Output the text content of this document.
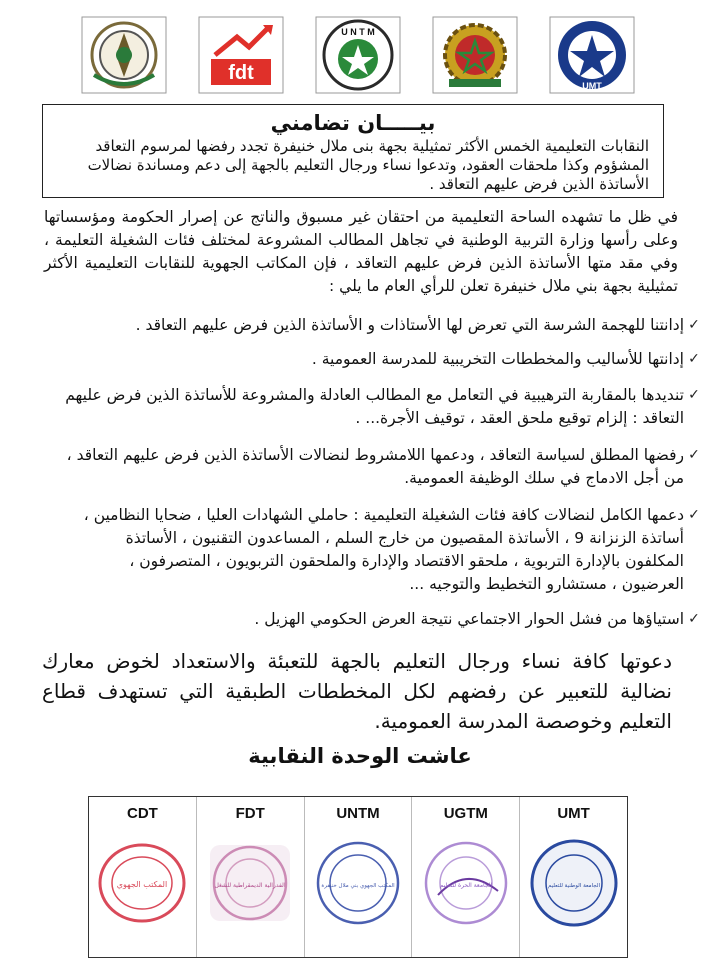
fdt
U N T M
UMT
بيـــــان تضامني
النقابات التعليمية الخمس الأكثر تمثيلية بجهة بنى ملال خنيفرة تجدد رفضها لمرسوم التعاقد المشؤوم وكذا ملحقات العقود، وتدعوا نساء ورجال التعليم بالجهة إلى دعم ومساندة نضالات الأساتذة الذين فرض عليهم التعاقد .
في ظل ما تشهده الساحة التعليمية من احتقان غير مسبوق والناتج عن إصرار الحكومة ومؤسساتها وعلى رأسها وزارة التربية الوطنية في تجاهل المطالب المشروعة لمختلف فئات الشغيلة التعليمة ، وفي مقد متها الأساتذة الذين فرض عليهم التعاقد ، فإن المكاتب الجهوية للنقابات التعليمية الأكثر تمثيلية بجهة بني ملال خنيفرة تعلن للرأي العام ما يلي :
✓
إدانتنا للهجمة الشرسة التي تعرض لها الأستاذات و الأساتذة الذين فرض عليهم التعاقد .
✓
إدانتها للأساليب والمخططات التخريبية للمدرسة العمومية .
✓
تنديدها بالمقاربة الترهيبية في التعامل مع المطالب العادلة والمشروعة للأساتذة الذين فرض عليهم التعاقد : إلزام توقيع ملحق العقد ، توقيف الأجرة... .
✓
رفضها المطلق لسياسة التعاقد ، ودعمها اللامشروط لنضالات الأساتذة الذين فرض عليهم التعاقد ، من أجل الادماج في سلك الوظيفة العمومية.
✓
دعمها الكامل لنضالات كافة فئات الشغيلة التعليمية : حاملي الشهادات العليا ، ضحايا النظامين ، أساتذة الزنزانة 9 ، الأساتذة المقصيون من خارج السلم ، المساعدون التقنيون ، الأساتذة المكلفون بالإدارة التربوية ، ملحقو الاقتصاد والإدارة والملحقون التربويون ، المتصرفون ، العرضيون ، مستشارو التخطيط والتوجيه ...
✓
استياؤها من فشل الحوار الاجتماعي نتيجة العرض الحكومي الهزيل .
دعوتها كافة نساء ورجال التعليم بالجهة للتعبئة والاستعداد لخوض معارك نضالية للتعبير عن رفضهم لكل المخططات الطبقية التي تستهدف قطاع التعليم وخوصصة المدرسة العمومية.
عاشت الوحدة النقابية
CDT
المكتب الجهوي
FDT
الفدرالية الديمقراطية للشغل
UNTM
المكتب الجهوي بني ملال خنيفرة
UGTM
الجامعة الحرة للتعليم
UMT
الجامعة الوطنية للتعليم
